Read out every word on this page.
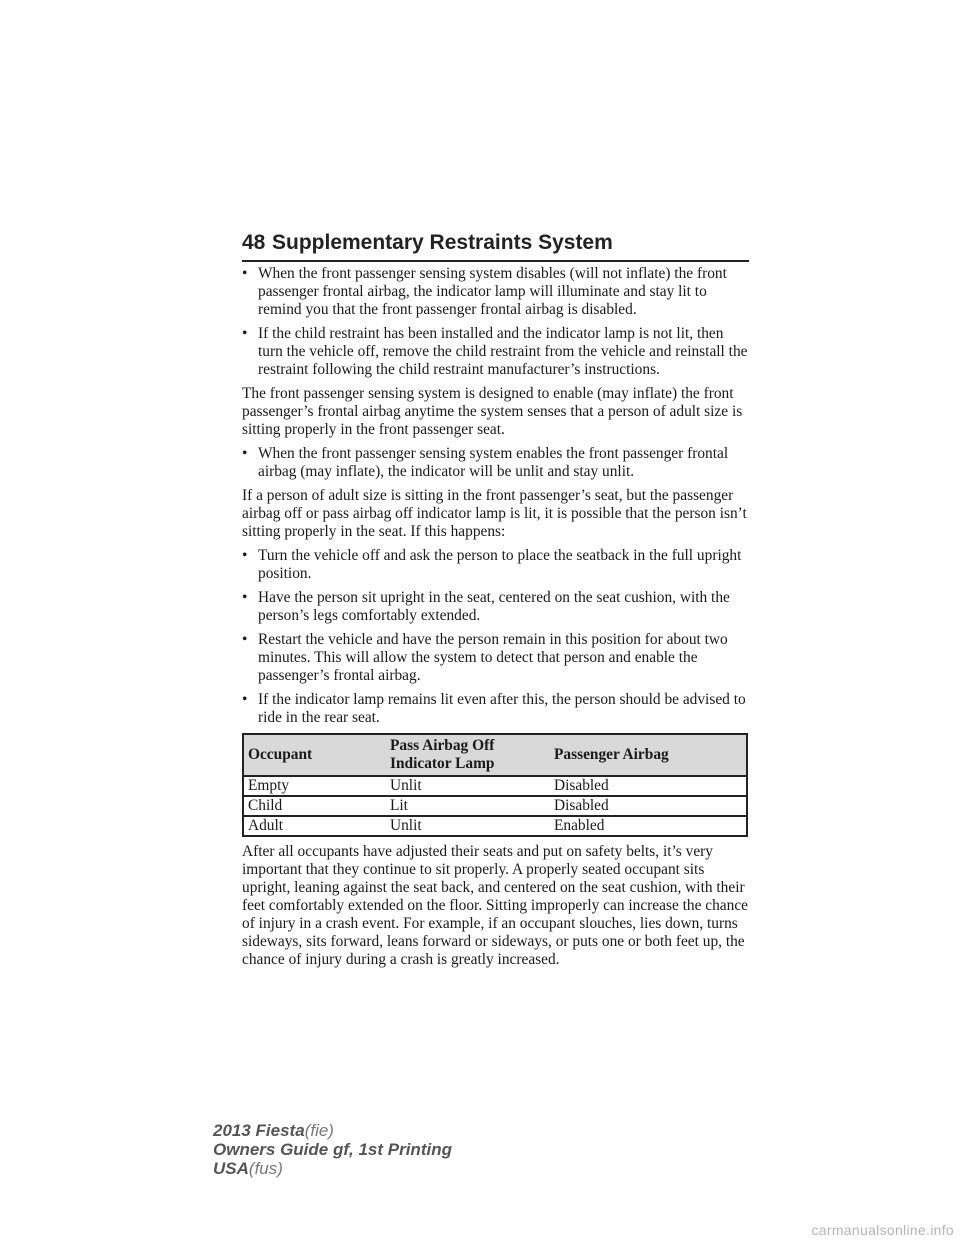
48 Supplementary Restraints System
• When the front passenger sensing system disables (will not inflate) the front passenger frontal airbag, the indicator lamp will illuminate and stay lit to remind you that the front passenger frontal airbag is disabled.
• If the child restraint has been installed and the indicator lamp is not lit, then turn the vehicle off, remove the child restraint from the vehicle and reinstall the restraint following the child restraint manufacturer’s instructions.

The front passenger sensing system is designed to enable (may inflate) the front passenger’s frontal airbag anytime the system senses that a person of adult size is sitting properly in the front passenger seat.

• When the front passenger sensing system enables the front passenger frontal airbag (may inflate), the indicator will be unlit and stay unlit.

If a person of adult size is sitting in the front passenger’s seat, but the passenger airbag off or pass airbag off indicator lamp is lit, it is possible that the person isn’t sitting properly in the seat. If this happens:

• Turn the vehicle off and ask the person to place the seatback in the full upright position.
• Have the person sit upright in the seat, centered on the seat cushion, with the person’s legs comfortably extended.
• Restart the vehicle and have the person remain in this position for about two minutes. This will allow the system to detect that person and enable the passenger’s frontal airbag.
• If the indicator lamp remains lit even after this, the person should be advised to ride in the rear seat.
Occupant	Pass Airbag Off Indicator Lamp	Passenger Airbag
Empty	Unlit	Disabled
Child	Lit	Disabled
Adult	Unlit	Enabled

After all occupants have adjusted their seats and put on safety belts, it’s very important that they continue to sit properly. A properly seated occupant sits upright, leaning against the seat back, and centered on the seat cushion, with their feet comfortably extended on the floor. Sitting improperly can increase the chance of injury in a crash event. For example, if an occupant slouches, lies down, turns sideways, sits forward, leans forward or sideways, or puts one or both feet up, the chance of injury during a crash is greatly increased.

2013 Fiesta(fie)
Owners Guide gf, 1st Printing
USA(fus)
carmanualsonline.info
